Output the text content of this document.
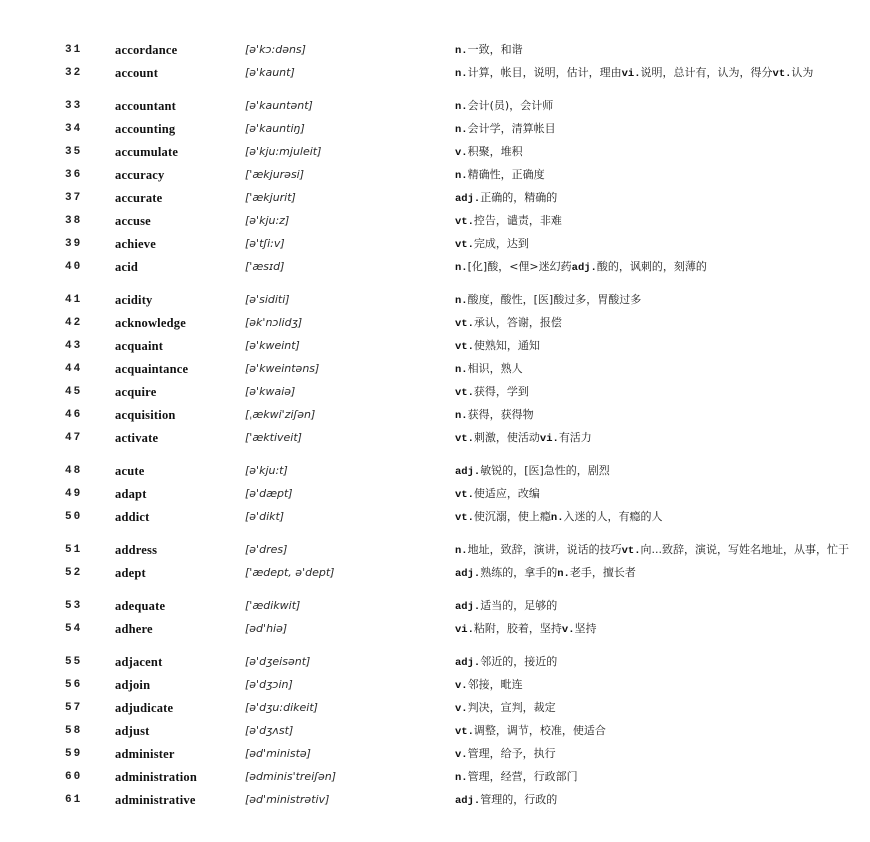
31	accordance	[ə'kɔ:dəns]	n.一致，和谐
32	account	[ə'kaunt]	n.计算，帐目，说明，估计，理由vi.说明，总计有，认为，得分vt.认为
33	accountant	[ə'kauntənt]	n.会计(员)，会计师
34	accounting	[ə'kauntiŋ]	n.会计学，清算帐目
35	accumulate	[ə'kju:mjuleit]	v.积聚，堆积
36	accuracy	['ækjurəsi]	n.精确性，正确度
37	accurate	['ækjurit]	adj.正确的，精确的
38	accuse	[ə'kju:z]	vt.控告，谴责，非难
39	achieve	[ə'tʃi:v]	vt.完成，达到
40	acid	['æsɪd]	n.[化]酸，<俚>迷幻药adj.酸的，讽刺的，刻薄的
41	acidity	[ə'siditi]	n.酸度，酸性，[医]酸过多，胃酸过多
42	acknowledge	[ək'nɔlidʒ]	vt.承认，答谢，报偿
43	acquaint	[ə'kweint]	vt.使熟知，通知
44	acquaintance	[ə'kweintəns]	n.相识，熟人
45	acquire	[ə'kwaiə]	vt.获得，学到
46	acquisition	[ˌækwi'ziʃən]	n.获得，获得物
47	activate	['æktiveit]	vt.刺激，使活动vi.有活力
48	acute	[ə'kju:t]	adj.敏锐的，[医]急性的，剧烈
49	adapt	[ə'dæpt]	vt.使适应，改编
50	addict	[ə'dikt]	vt.使沉溺，使上瘾n.入迷的人，有瘾的人
51	address	[ə'dres]	n.地址，致辞，演讲，说话的技巧vt.向...致辞，演说，写姓名地址，从事，忙于
52	adept	['ædept, ə'dept]	adj.熟练的，拿手的n.老手，擅长者
53	adequate	['ædikwit]	adj.适当的，足够的
54	adhere	[əd'hiə]	vi.粘附，胶着，坚持v.坚持
55	adjacent	[ə'dʒeisənt]	adj.邻近的，接近的
56	adjoin	[ə'dʒɔin]	v.邻接，毗连
57	adjudicate	[ə'dʒu:dikeit]	v.判决，宣判，裁定
58	adjust	[ə'dʒʌst]	vt.调整，调节，校准，使适合
59	administer	[əd'ministə]	v.管理，给予，执行
60	administration	[ədminis'treiʃən]	n.管理，经营，行政部门
61	administrative	[əd'ministrətiv]	adj.管理的，行政的
